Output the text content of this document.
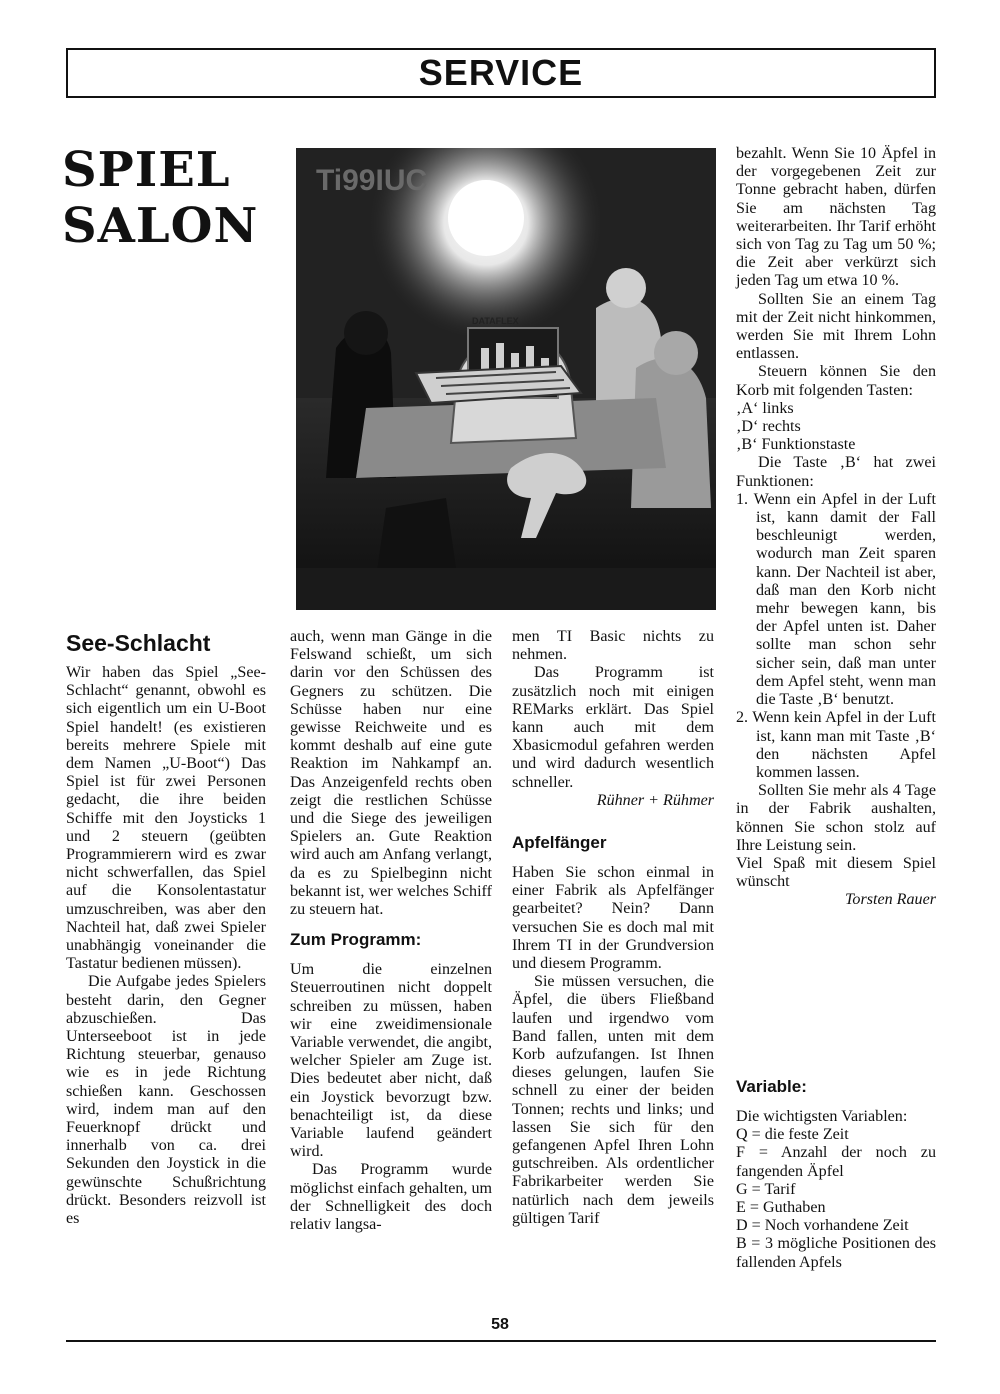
SERVICE
SPIEL
SALON
Ti99IUC
DATAFLEX
See-Schlacht

Wir haben das Spiel „See-Schlacht“ genannt, obwohl es sich eigentlich um ein U-Boot Spiel handelt! (es existieren bereits mehrere Spiele mit dem Namen „U-Boot“) Das Spiel ist für zwei Personen gedacht, die ihre beiden Schiffe mit den Joysticks 1 und 2 steuern (geübten Programmierern wird es zwar nicht schwerfallen, das Spiel auf die Konsolentastatur umzuschreiben, was aber den Nachteil hat, daß zwei Spieler unabhängig voneinander die Tastatur bedienen müssen).

Die Aufgabe jedes Spielers besteht darin, den Gegner abzuschießen. Das Unterseeboot ist in jede Richtung steuerbar, genauso wie es in jede Richtung schießen kann. Geschossen wird, indem man auf den Feuerknopf drückt und innerhalb von ca. drei Sekunden den Joystick in die gewünschte Schußrichtung drückt. Besonders reizvoll ist es

auch, wenn man Gänge in die Felswand schießt, um sich darin vor den Schüssen des Gegners zu schützen. Die Schüsse haben nur eine gewisse Reichweite und es kommt deshalb auf eine gute Reaktion im Nahkampf an. Das Anzeigenfeld rechts oben zeigt die restlichen Schüsse und die Siege des jeweiligen Spielers an. Gute Reaktion wird auch am Anfang verlangt, da es zu Spielbeginn nicht bekannt ist, wer welches Schiff zu steuern hat.

Zum Programm:

Um die einzelnen Steuerroutinen nicht doppelt schreiben zu müssen, haben wir eine zweidimensionale Variable verwendet, die angibt, welcher Spieler am Zuge ist. Dies bedeutet aber nicht, daß ein Joystick bevorzugt bzw. benachteiligt ist, da diese Variable laufend geändert wird.

Das Programm wurde möglichst einfach gehalten, um der Schnelligkeit des doch relativ langsa-

men TI Basic nichts zu nehmen.

Das Programm ist zusätzlich noch mit einigen REMarks erklärt. Das Spiel kann auch mit dem Xbasicmodul gefahren werden und wird dadurch wesentlich schneller.

Rühner + Rühmer

Apfelfänger

Haben Sie schon einmal in einer Fabrik als Apfelfänger gearbeitet? Nein? Dann versuchen Sie es doch mal mit Ihrem TI in der Grundversion und diesem Programm.

Sie müssen versuchen, die Äpfel, die übers Fließband laufen und irgendwo vom Band fallen, unten mit dem Korb aufzufangen. Ist Ihnen dieses gelungen, laufen Sie schnell zu einer der beiden Tonnen; rechts und links; und lassen Sie sich für den gefangenen Apfel Ihren Lohn gutschreiben. Als ordentlicher Fabrikarbeiter werden Sie natürlich nach dem jeweils gültigen Tarif

bezahlt. Wenn Sie 10 Äpfel in der vorgegebenen Zeit zur Tonne gebracht haben, dürfen Sie am nächsten Tag weiterarbeiten. Ihr Tarif erhöht sich von Tag zu Tag um 50 %; die Zeit aber verkürzt sich jeden Tag um etwa 10 %.

Sollten Sie an einem Tag mit der Zeit nicht hinkommen, werden Sie mit Ihrem Lohn entlassen.

Steuern können Sie den Korb mit folgenden Tasten:

‚A‘ links

‚D‘ rechts

‚B‘ Funktionstaste

Die Taste ‚B‘ hat zwei Funktionen:

1. Wenn ein Apfel in der Luft ist, kann damit der Fall beschleunigt werden, wodurch man Zeit sparen kann. Der Nachteil ist aber, daß man den Korb nicht mehr bewegen kann, bis der Apfel unten ist. Daher sollte man schon sehr sicher sein, daß man unter dem Apfel steht, wenn man die Taste ‚B‘ benutzt.

2. Wenn kein Apfel in der Luft ist, kann man mit Taste ‚B‘ den nächsten Apfel kommen lassen.

Sollten Sie mehr als 4 Tage in der Fabrik aushalten, können Sie schon stolz auf Ihre Leistung sein.

Viel Spaß mit diesem Spiel wünscht

Torsten Rauer

Variable:

Die wichtigsten Variablen:

Q = die feste Zeit

F = Anzahl der noch zu fangenden Äpfel

G = Tarif

E = Guthaben

D = Noch vorhandene Zeit

B = 3 mögliche Positionen des fallenden Apfels

58
